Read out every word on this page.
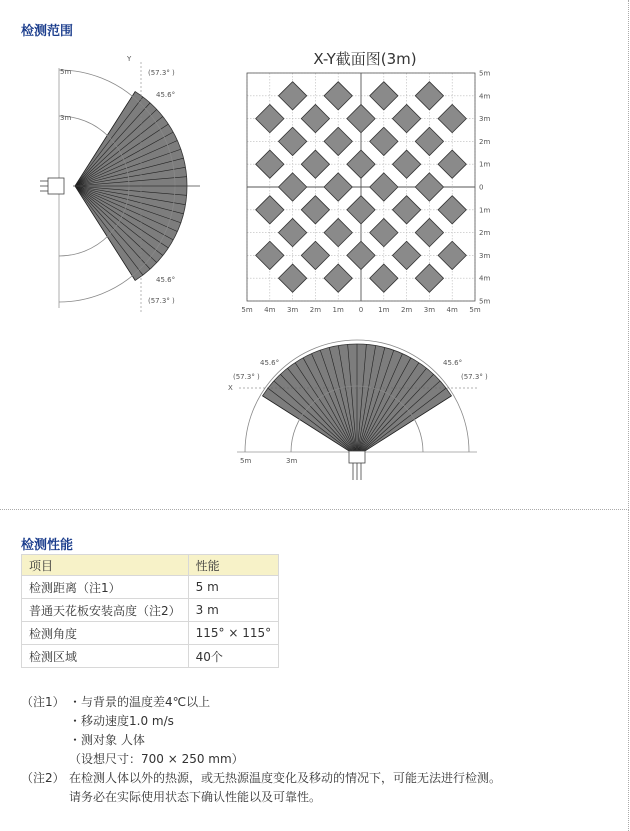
检测范围
5m
3m
Y
(57.3° )
45.6°
45.6°
(57.3° )
X-Y截面图(3m)
5m
4m
3m
2m
1m
0
1m
2m
3m
4m
5m
5m 4m 3m 2m 1m 0 1m 2m 3m 4m 5m
X
(57.3° )
45.6°	45.6°
(57.3° )
5m	3m
检测性能
项目	性能
检测距离（注1）	5 m
普通天花板安装高度（注2）	3 m
检测角度	115° × 115°
检测区域	40个
（注1） ・与背景的温度差4℃以上
・移动速度1.0 m/s
・测对象 人体
（设想尺寸：700 × 250 mm）
（注2） 在检测人体以外的热源，或无热源温度变化及移动的情况下，可能无法进行检测。
请务必在实际使用状态下确认性能以及可靠性。
